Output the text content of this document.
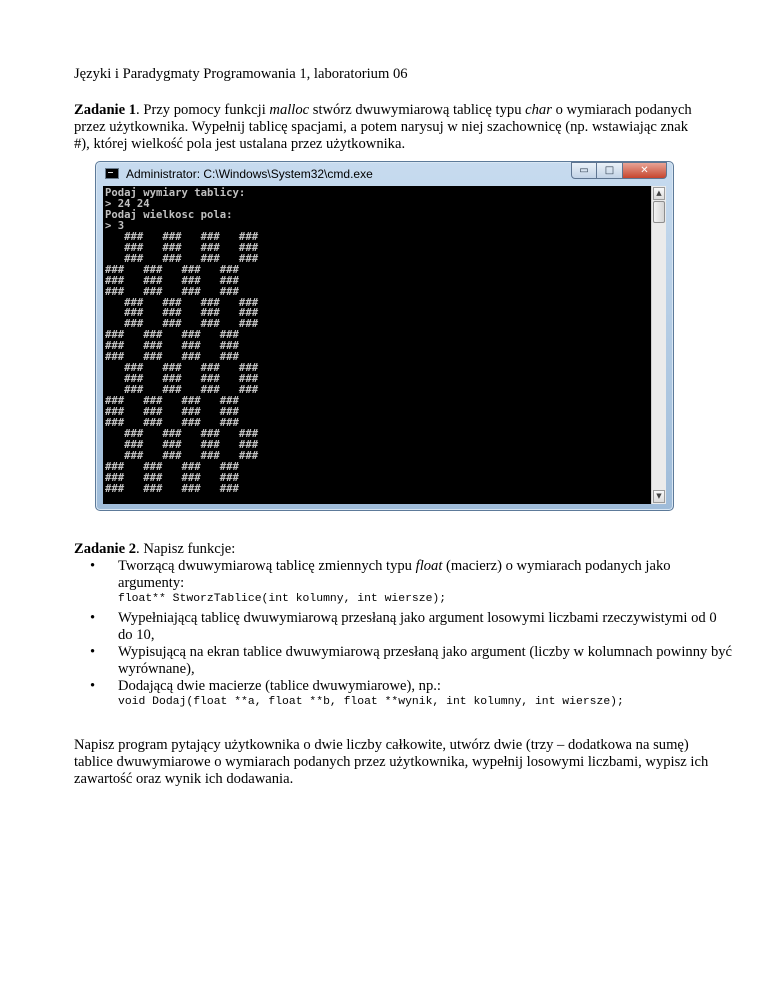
Języki i Paradygmaty Programowania 1, laboratorium 06

Zadanie 1. Przy pomocy funkcji malloc stwórz dwuwymiarową tablicę typu char o wymiarach podanych przez użytkownika. Wypełnij tablicę spacjami, a potem narysuj w niej szachownicę (np. wstawiając znak #), której wielkość pola jest ustalana przez użytkownika.

Administrator: C:\Windows\System32\cmd.exe	▭	□	✕
Podaj wymiary tablicy:
> 24 24
Podaj wielkosc pola:
> 3
###   ###   ###   ###
###   ###   ###   ###
###   ###   ###   ###
###   ###   ###   ###
###   ###   ###   ###
###   ###   ###   ###
###   ###   ###   ###
###   ###   ###   ###
###   ###   ###   ###
###   ###   ###   ###
###   ###   ###   ###
###   ###   ###   ###
###   ###   ###   ###
###   ###   ###   ###
###   ###   ###   ###
###   ###   ###   ###
###   ###   ###   ###
###   ###   ###   ###
###   ###   ###   ###
###   ###   ###   ###
###   ###   ###   ###
###   ###   ###   ###
###   ###   ###   ###
###   ###   ###   ###
▲
▼

Zadanie 2. Napisz funkcje:

• Tworzącą dwuwymiarową tablicę zmiennych typu float (macierz) o wymiarach podanych jako argumenty:
float** StworzTablice(int kolumny, int wiersze);
• Wypełniającą tablicę dwuwymiarową przesłaną jako argument losowymi liczbami rzeczywistymi od 0 do 10,
• Wypisującą na ekran tablice dwuwymiarową przesłaną jako argument (liczby w kolumnach powinny być wyrównane),
• Dodającą dwie macierze (tablice dwuwymiarowe), np.:
void Dodaj(float **a, float **b, float **wynik, int kolumny, int wiersze);

Napisz program pytający użytkownika o dwie liczby całkowite, utwórz dwie (trzy – dodatkowa na sumę) tablice dwuwymiarowe o wymiarach podanych przez użytkownika, wypełnij losowymi liczbami, wypisz ich zawartość oraz wynik ich dodawania.
